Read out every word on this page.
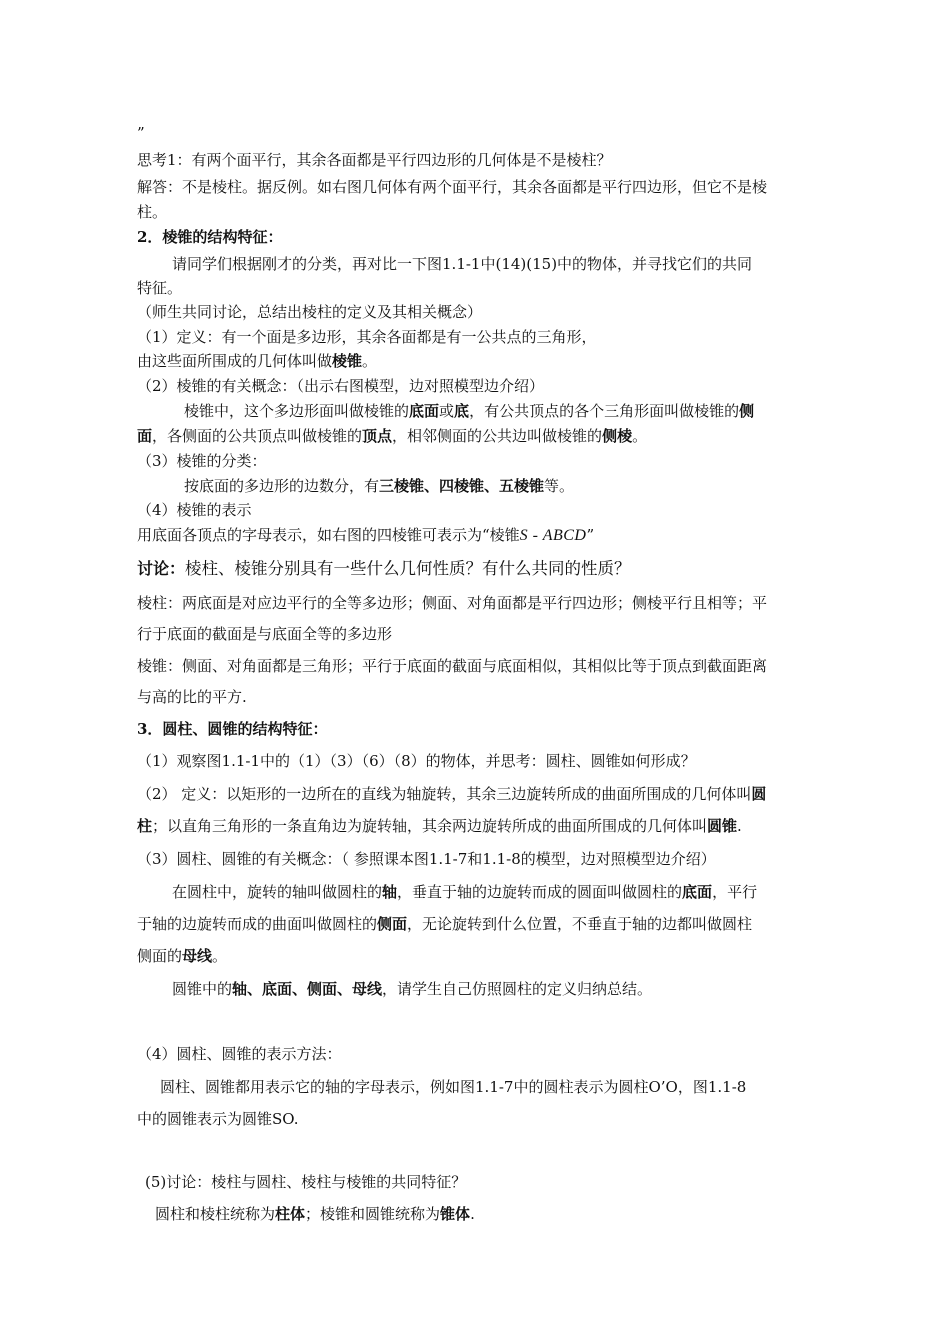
”
思考1：有两个面平行，其余各面都是平行四边形的几何体是不是棱柱？
解答：不是棱柱。据反例。如右图几何体有两个面平行，其余各面都是平行四边形，但它不是棱
柱。
2．棱锥的结构特征：
请同学们根据刚才的分类，再对比一下图1.1-1中(14)(15)中的物体，并寻找它们的共同
特征。
（师生共同讨论，总结出棱柱的定义及其相关概念）
（1）定义：有一个面是多边形，其余各面都是有一公共点的三角形，
由这些面所围成的几何体叫做棱锥。
（2）棱锥的有关概念：（出示右图模型，边对照模型边介绍）
棱锥中，这个多边形面叫做棱锥的底面或底，有公共顶点的各个三角形面叫做棱锥的侧
面，各侧面的公共顶点叫做棱锥的顶点，相邻侧面的公共边叫做棱锥的侧棱。
（3）棱锥的分类：
按底面的多边形的边数分，有三棱锥、四棱锥、五棱锥等。
（4）棱锥的表示
用底面各顶点的字母表示，如右图的四棱锥可表示为“棱锥S - ABCD”
讨论：棱柱、棱锥分别具有一些什么几何性质？有什么共同的性质？
棱柱：两底面是对应边平行的全等多边形；侧面、对角面都是平行四边形；侧棱平行且相等；平
行于底面的截面是与底面全等的多边形
棱锥：侧面、对角面都是三角形；平行于底面的截面与底面相似，其相似比等于顶点到截面距离
与高的比的平方.
3．圆柱、圆锥的结构特征：
（1）观察图1.1-1中的（1）（3）（6）（8）的物体，并思考：圆柱、圆锥如何形成？
（2） 定义：以矩形的一边所在的直线为轴旋转，其余三边旋转所成的曲面所围成的几何体叫圆
柱；以直角三角形的一条直角边为旋转轴，其余两边旋转所成的曲面所围成的几何体叫圆锥.
（3）圆柱、圆锥的有关概念：（ 参照课本图1.1-7和1.1-8的模型，边对照模型边介绍）
在圆柱中，旋转的轴叫做圆柱的轴，垂直于轴的边旋转而成的圆面叫做圆柱的底面，平行
于轴的边旋转而成的曲面叫做圆柱的侧面，无论旋转到什么位置，不垂直于轴的边都叫做圆柱
侧面的母线。
圆锥中的轴、底面、侧面、母线，请学生自己仿照圆柱的定义归纳总结。
（4）圆柱、圆锥的表示方法：
圆柱、圆锥都用表示它的轴的字母表示，例如图1.1-7中的圆柱表示为圆柱O’O，图1.1-8
中的圆锥表示为圆锥SO.
(5)讨论：棱柱与圆柱、棱柱与棱锥的共同特征？
圆柱和棱柱统称为柱体；棱锥和圆锥统称为锥体.
